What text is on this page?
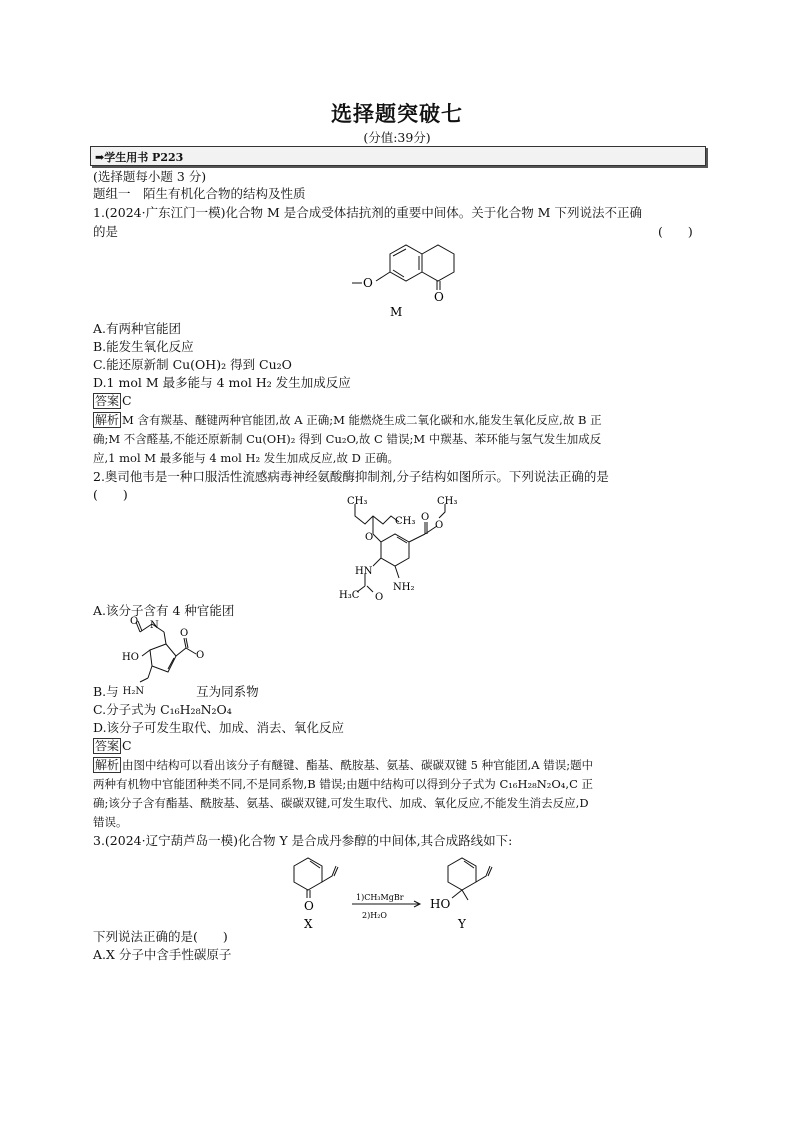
选择题突破七
(分值:39分)
➡学生用书 P223
(选择题每小题 3 分)
题组一　陌生有机化合物的结构及性质
1.(2024·广东江门一模)化合物 M 是合成受体拮抗剂的重要中间体。关于化合物 M 下列说法不正确
的是	(　　)
O
O
M
A.有两种官能团
B.能发生氧化反应
C.能还原新制 Cu(OH)₂ 得到 Cu₂O
D.1 mol M 最多能与 4 mol H₂ 发生加成反应
答案 C
解析 M 含有羰基、醚键两种官能团,故 A 正确;M 能燃烧生成二氧化碳和水,能发生氧化反应,故 B 正
确;M 不含醛基,不能还原新制 Cu(OH)₂ 得到 Cu₂O,故 C 错误;M 中羰基、苯环能与氢气发生加成反
应,1 mol M 最多能与 4 mol H₂ 发生加成反应,故 D 正确。
2.奥司他韦是一种口服活性流感病毒神经氨酸酶抑制剂,分子结构如图所示。下列说法正确的是
(　　)	CH₃
CH₃
CH₃
O
O
O
HN
H₃C O
NH₂
A.该分子含有 4 种官能团
N
O
O
O
HO
B.与 H₂N	互为同系物
C.分子式为 C₁₆H₂₈N₂O₄
D.该分子可发生取代、加成、消去、氧化反应
答案 C
解析 由图中结构可以看出该分子有醚键、酯基、酰胺基、氨基、碳碳双键 5 种官能团,A 错误;题中
两种有机物中官能团种类不同,不是同系物,B 错误;由题中结构可以得到分子式为 C₁₆H₂₈N₂O₄,C 正
确;该分子含有酯基、酰胺基、氨基、碳碳双键,可发生取代、加成、氧化反应,不能发生消去反应,D
错误。
3.(2024·辽宁葫芦岛一模)化合物 Y 是合成丹参醇的中间体,其合成路线如下:
O
X
1)CH₃MgBr
2)H₂O
HO
Y
下列说法正确的是(　　)
A.X 分子中含手性碳原子
